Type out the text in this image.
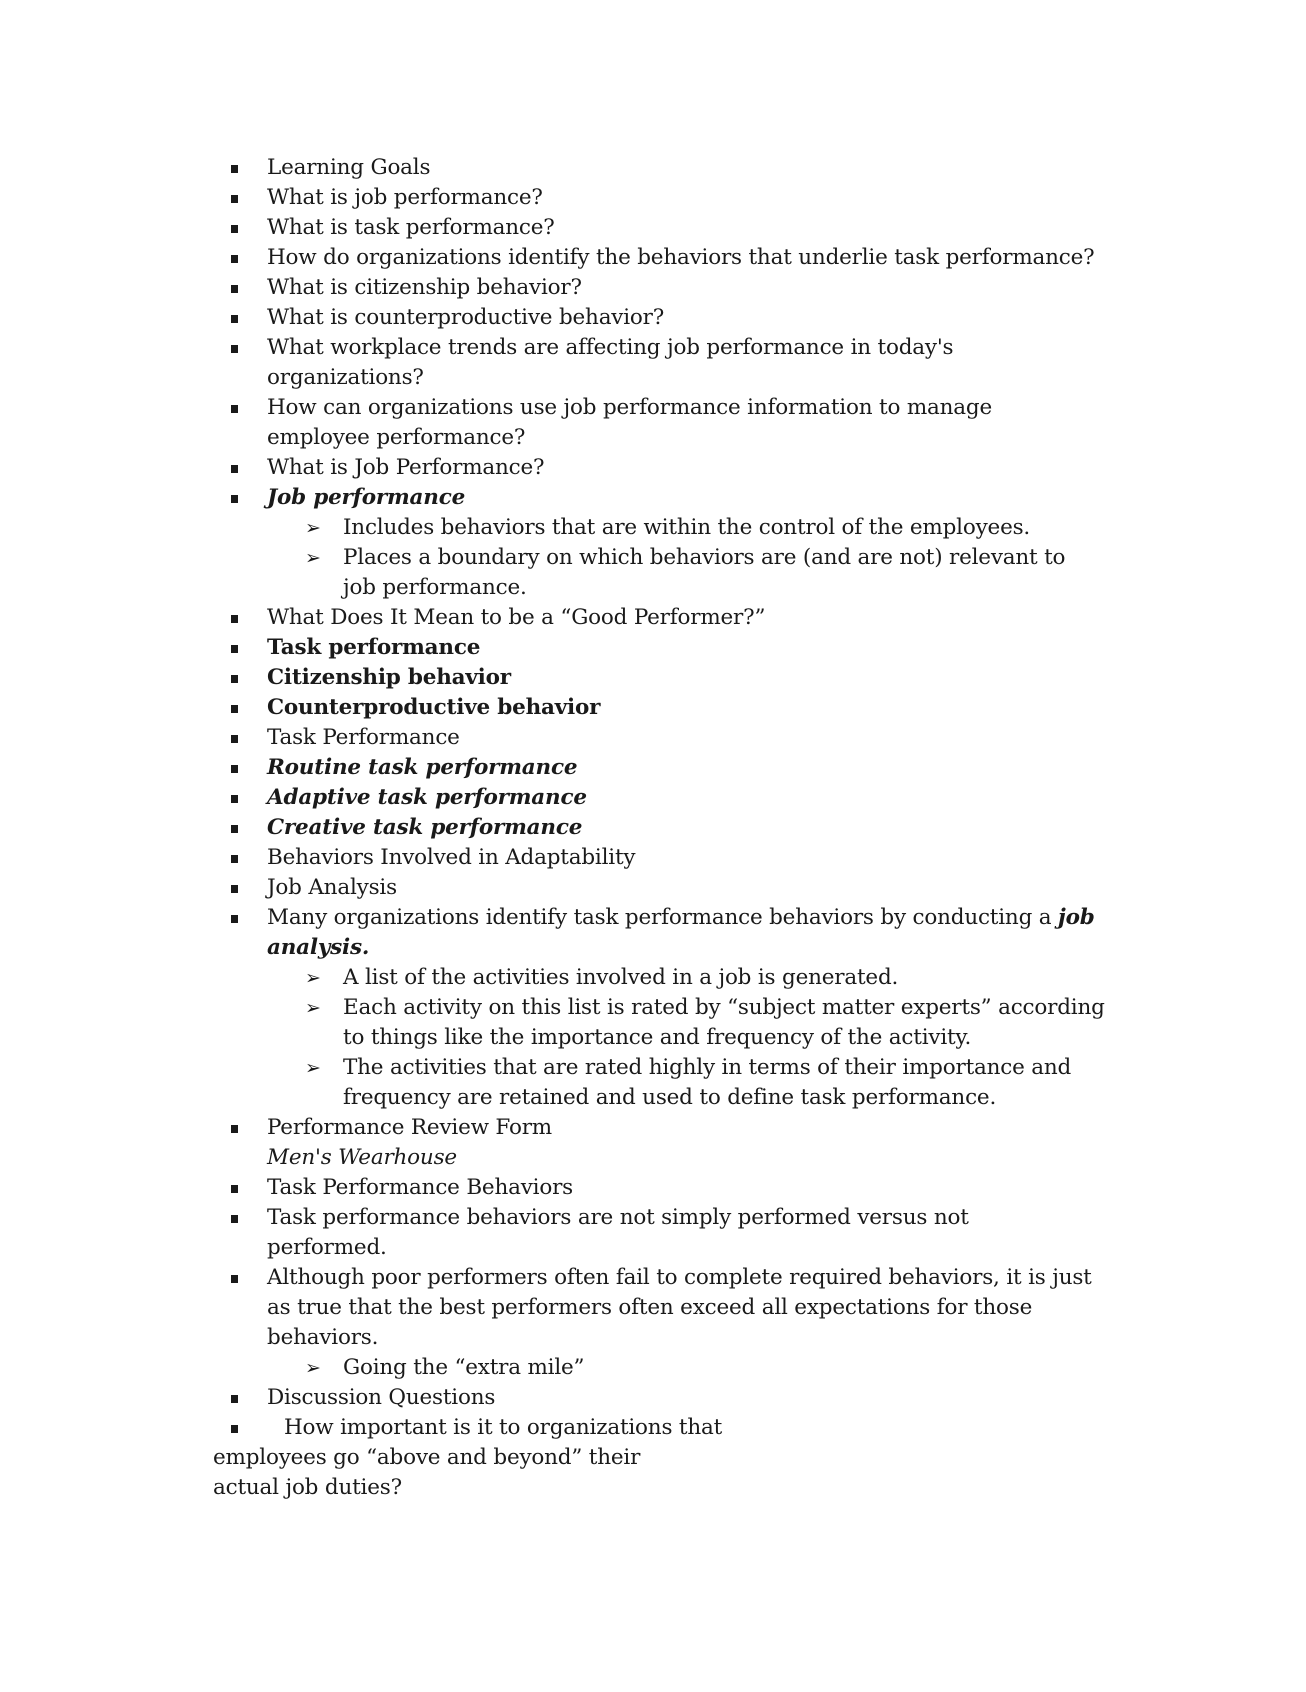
Learning Goals
What is job performance?
What is task performance?
How do organizations identify the behaviors that underlie task performance?
What is citizenship behavior?
What is counterproductive behavior?
What workplace trends are affecting job performance in today's
organizations?
How can organizations use job performance information to manage
employee performance?
What is Job Performance?
Job performance
➢ Includes behaviors that are within the control of the employees.
➢ Places a boundary on which behaviors are (and are not) relevant to
job performance.
What Does It Mean to be a “Good Performer?”
Task performance
Citizenship behavior
Counterproductive behavior
Task Performance
Routine task performance
Adaptive task performance
Creative task performance
Behaviors Involved in Adaptability
Job Analysis
Many organizations identify task performance behaviors by conducting a job
analysis.
➢ A list of the activities involved in a job is generated.
➢ Each activity on this list is rated by “subject matter experts” according
to things like the importance and frequency of the activity.
➢ The activities that are rated highly in terms of their importance and
frequency are retained and used to define task performance.
Performance Review Form
Men's Wearhouse
Task Performance Behaviors
Task performance behaviors are not simply performed versus not
performed.
Although poor performers often fail to complete required behaviors, it is just
as true that the best performers often exceed all expectations for those
behaviors.
➢ Going the “extra mile”
Discussion Questions
How important is it to organizations that
employees go “above and beyond” their
actual job duties?
